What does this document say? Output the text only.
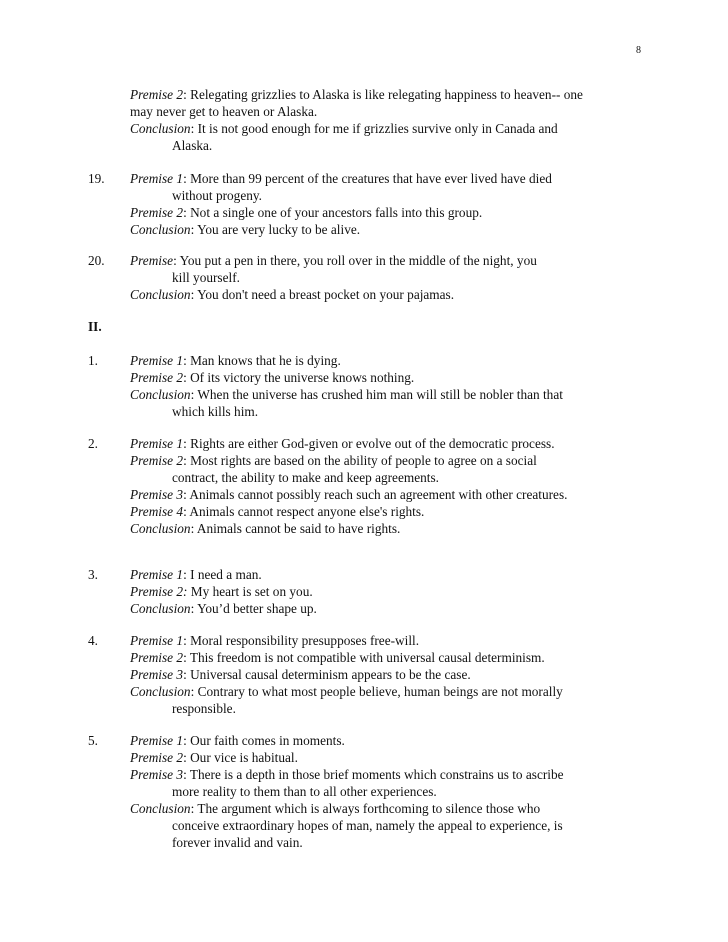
8
Premise 2: Relegating grizzlies to Alaska is like relegating happiness to heaven-- one
may never get to heaven or Alaska.
Conclusion: It is not good enough for me if grizzlies survive only in Canada and
Alaska.
19. Premise 1: More than 99 percent of the creatures that have ever lived have died
without progeny.
Premise 2: Not a single one of your ancestors falls into this group.
Conclusion: You are very lucky to be alive.
20. Premise: You put a pen in there, you roll over in the middle of the night, you
kill yourself.
Conclusion: You don't need a breast pocket on your pajamas.
II.
1. Premise 1: Man knows that he is dying.
Premise 2: Of its victory the universe knows nothing.
Conclusion: When the universe has crushed him man will still be nobler than that
which kills him.
2. Premise 1: Rights are either God-given or evolve out of the democratic process.
Premise 2: Most rights are based on the ability of people to agree on a social
contract, the ability to make and keep agreements.
Premise 3: Animals cannot possibly reach such an agreement with other creatures.
Premise 4: Animals cannot respect anyone else's rights.
Conclusion: Animals cannot be said to have rights.
3. Premise 1: I need a man.
Premise 2: My heart is set on you.
Conclusion: You’d better shape up.
4. Premise 1: Moral responsibility presupposes free-will.
Premise 2: This freedom is not compatible with universal causal determinism.
Premise 3: Universal causal determinism appears to be the case.
Conclusion: Contrary to what most people believe, human beings are not morally
responsible.
5. Premise 1: Our faith comes in moments.
Premise 2: Our vice is habitual.
Premise 3: There is a depth in those brief moments which constrains us to ascribe
more reality to them than to all other experiences.
Conclusion: The argument which is always forthcoming to silence those who
conceive extraordinary hopes of man, namely the appeal to experience, is
forever invalid and vain.
